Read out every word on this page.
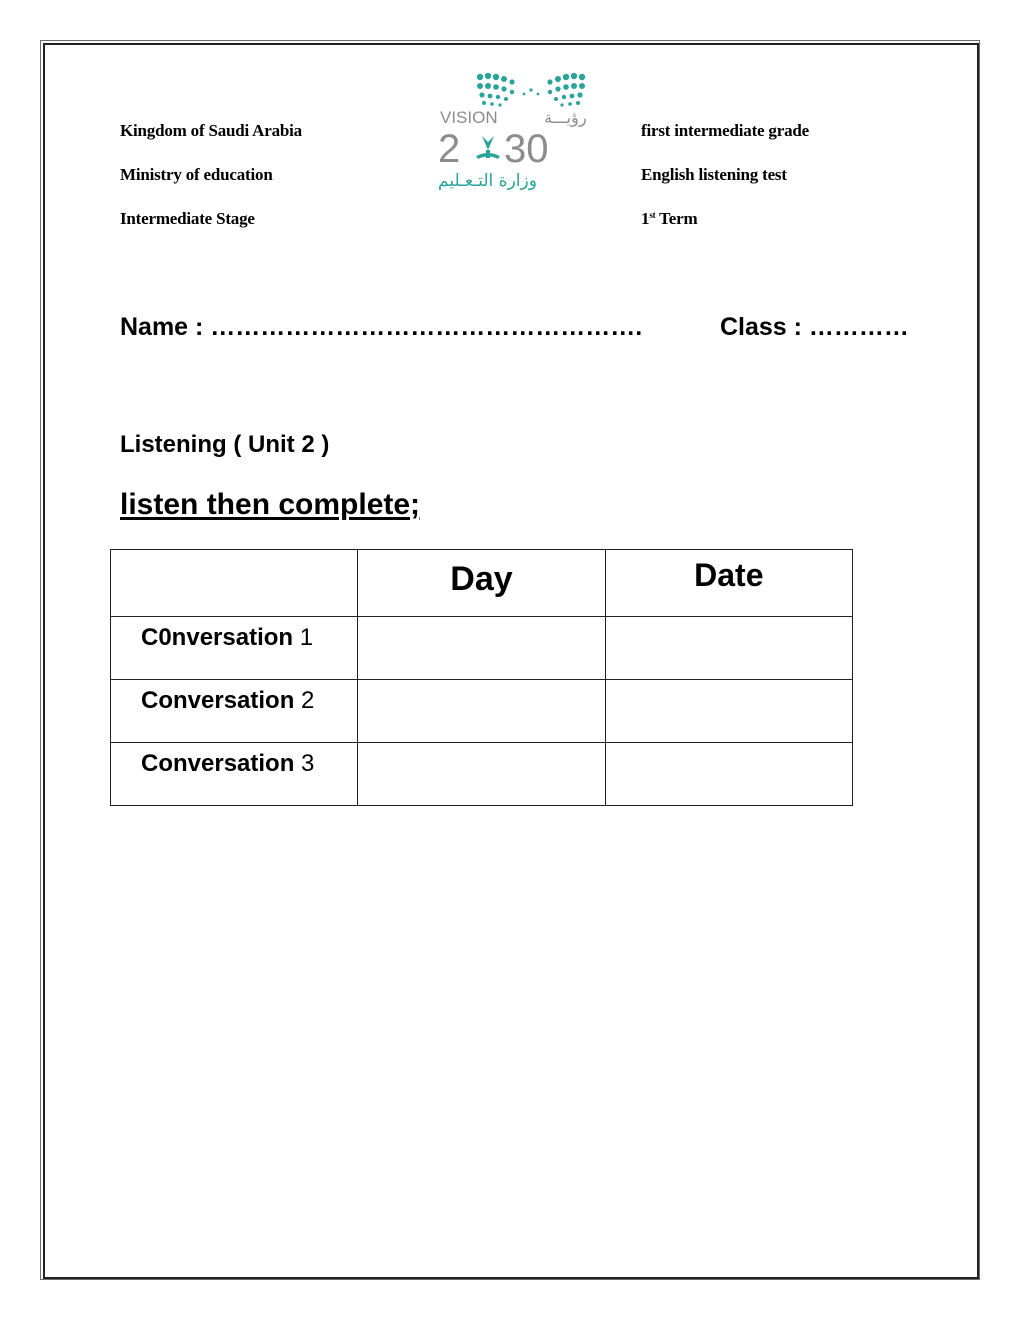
Kingdom of Saudi Arabia
Ministry of education
Intermediate Stage
first intermediate grade
English listening test
1st Term
VISION	رؤيـــة
2 30
وزارة التـعـليم
Name : …………………………………………….	Class : …………
Listening ( Unit 2 )
listen then complete;
	Day	Date
C0nversation 1		
Conversation 2		
Conversation 3		
